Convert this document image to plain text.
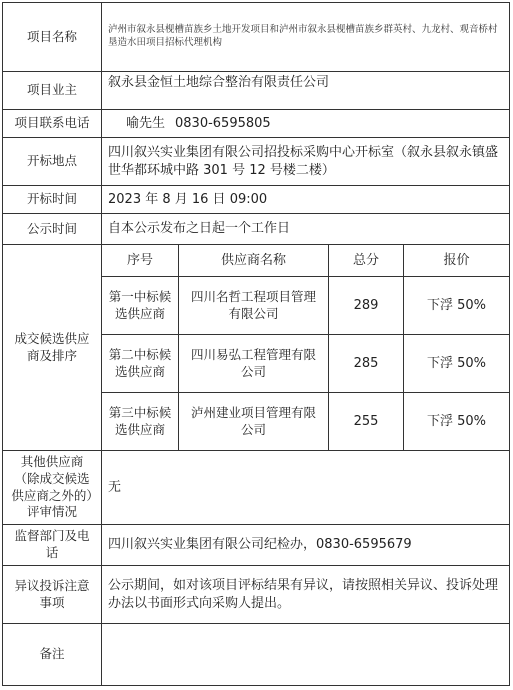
项目名称	泸州市叙永县枧槽苗族乡土地开发项目和泸州市叙永县枧槽苗族乡群英村、九龙村、观音桥村垦造水田项目招标代理机构			
项目业主	叙永县金恒土地综合整治有限责任公司			
项目联系电话	喻先生 0830-6595805			
开标地点	四川叙兴实业集团有限公司招投标采购中心开标室（叙永县叙永镇盛世华都环城中路 301 号 12 号楼二楼）			
开标时间	2023 年 8 月 16 日 09:00			
公示时间	自本公示发布之日起一个工作日			
成交候选供应商及排序	序号	供应商名称	总分	报价
	第一中标候选供应商	四川名哲工程项目管理有限公司	289	下浮 50%
	第二中标候选供应商	四川易弘工程管理有限公司	285	下浮 50%
	第三中标候选供应商	泸州建业项目管理有限公司	255	下浮 50%
其他供应商（除成交候选供应商之外的）评审情况	无			
监督部门及电话	四川叙兴实业集团有限公司纪检办，0830-6595679			
异议投诉注意事项	公示期间，如对该项目评标结果有异议，请按照相关异议、投诉处理办法以书面形式向采购人提出。			
备注				
